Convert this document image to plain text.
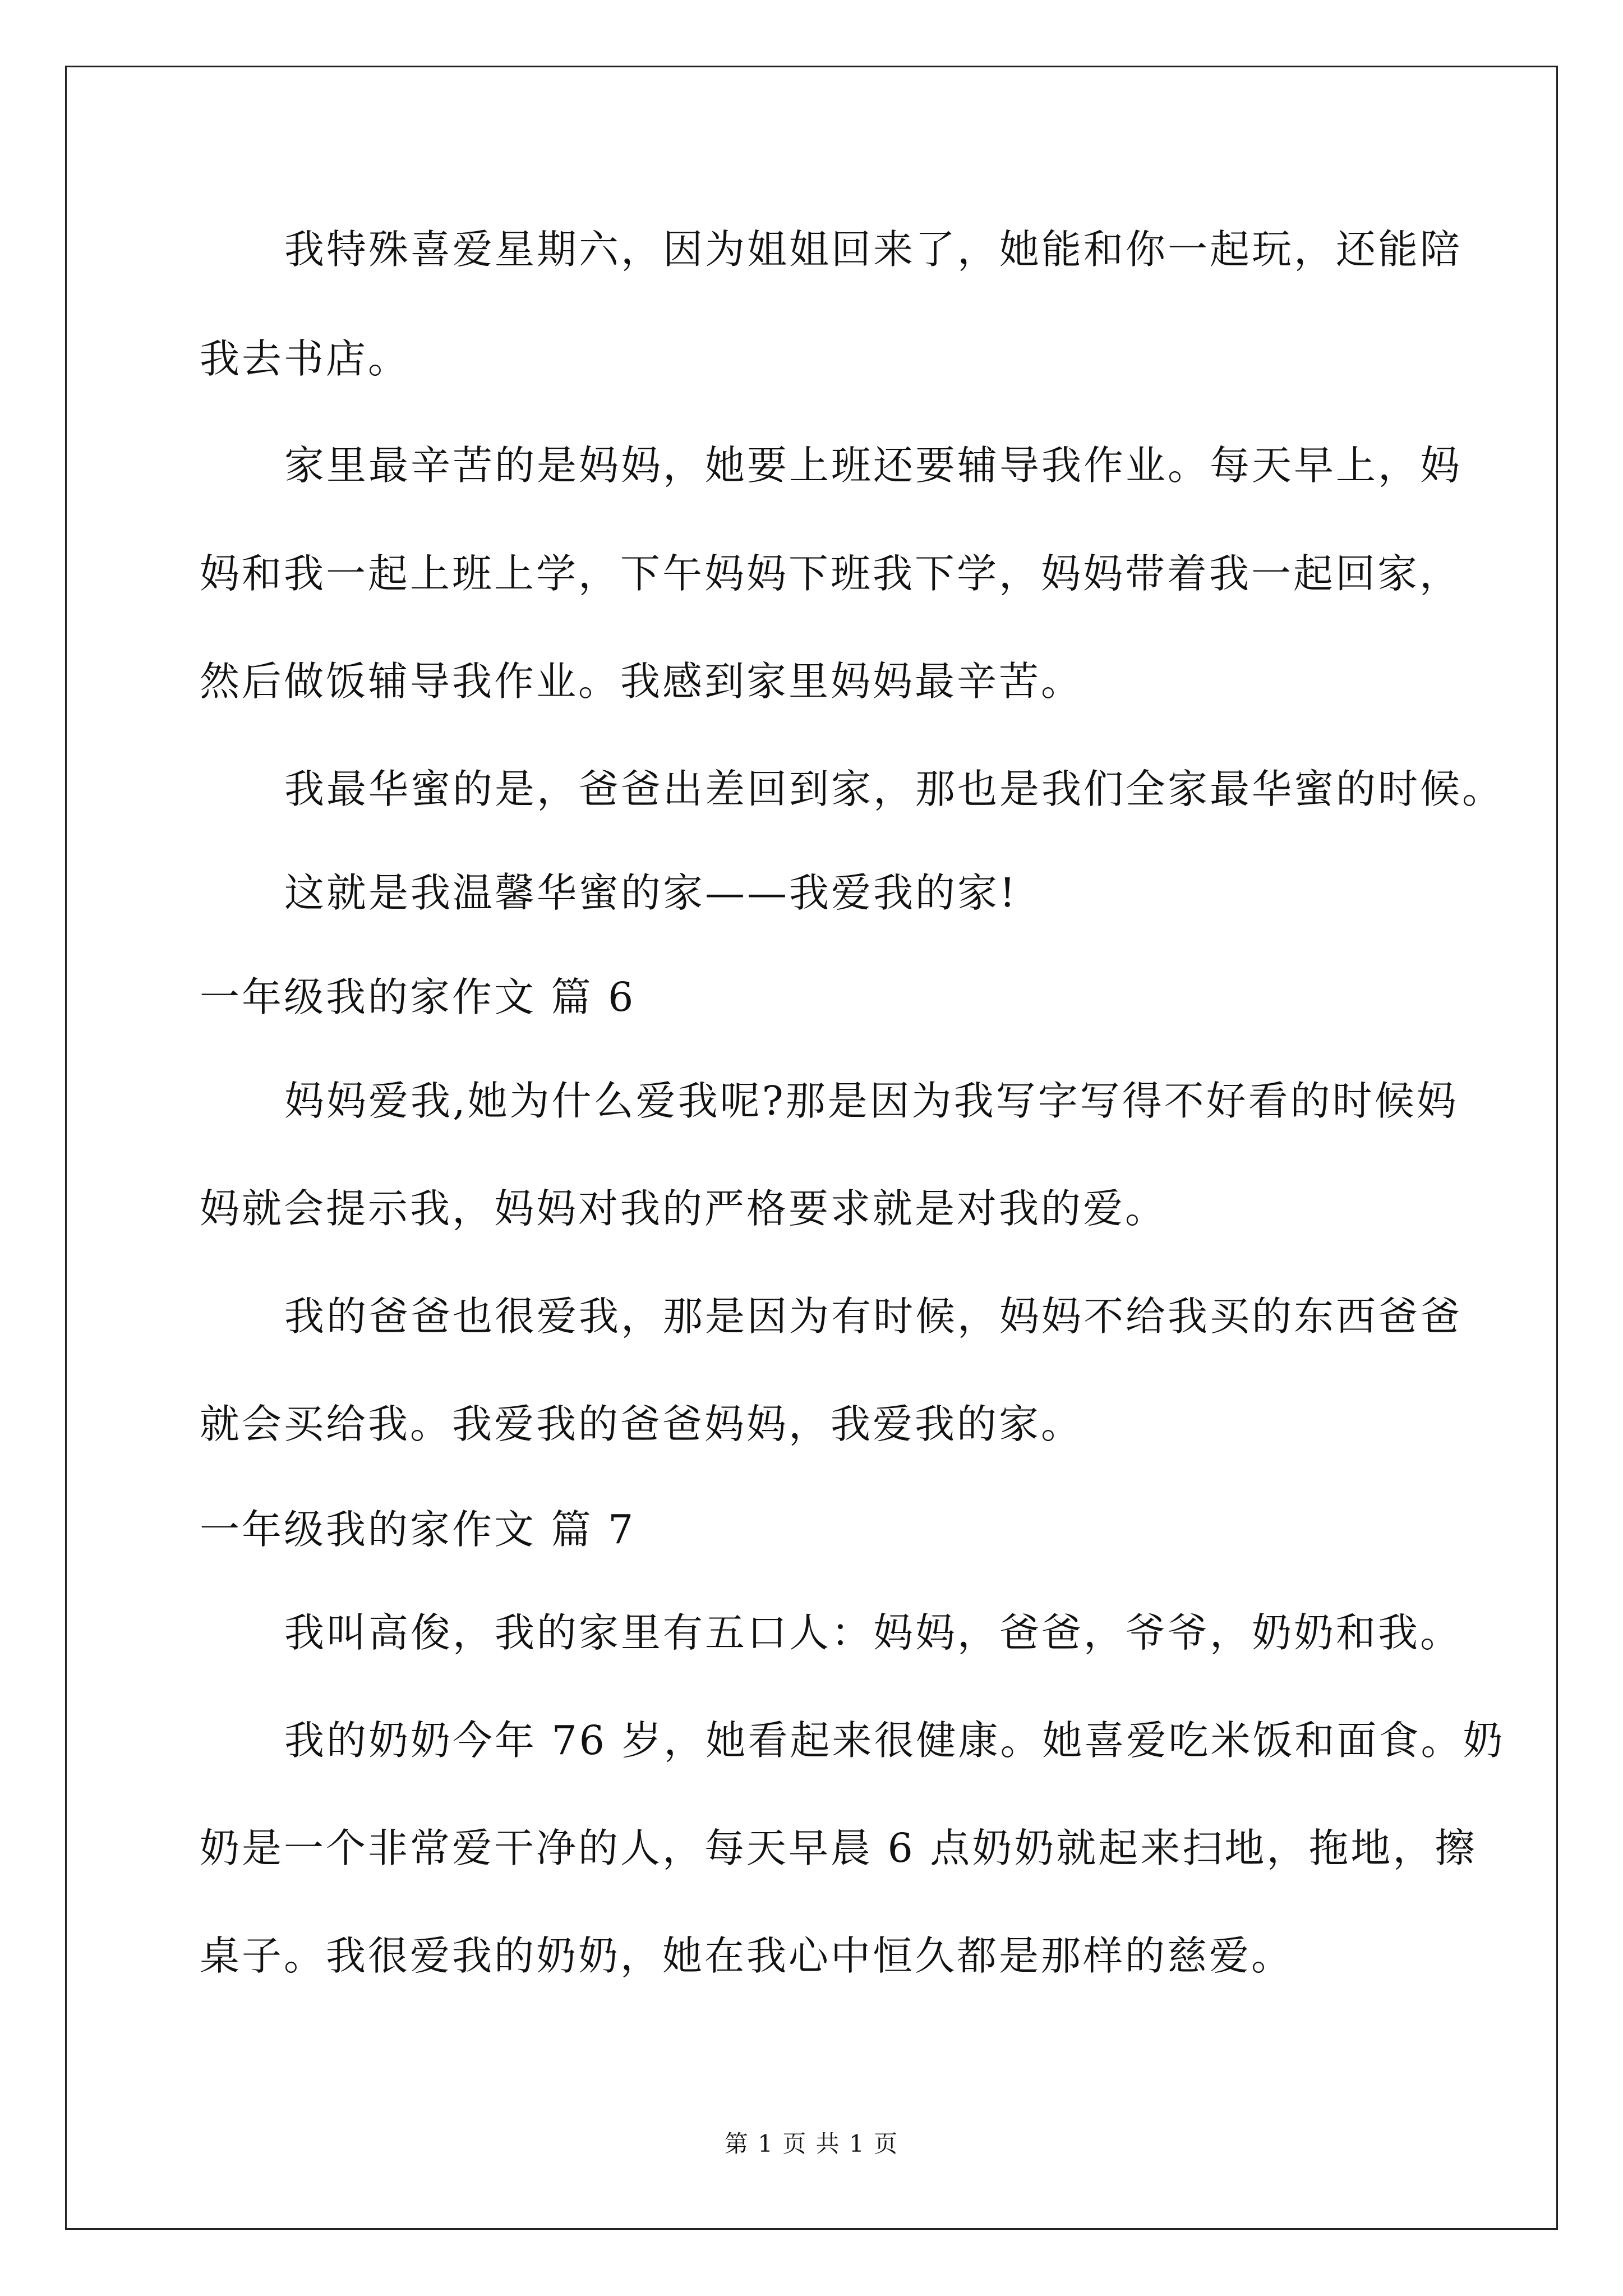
我特殊喜爱星期六，因为姐姐回来了，她能和你一起玩，还能陪
我去书店。
家里最辛苦的是妈妈，她要上班还要辅导我作业。每天早上，妈
妈和我一起上班上学，下午妈妈下班我下学，妈妈带着我一起回家，
然后做饭辅导我作业。我感到家里妈妈最辛苦。
我最华蜜的是，爸爸出差回到家，那也是我们全家最华蜜的时候。
这就是我温馨华蜜的家——我爱我的家!
一年级我的家作文 篇 6
妈妈爱我,她为什么爱我呢?那是因为我写字写得不好看的时候妈
妈就会提示我，妈妈对我的严格要求就是对我的爱。
我的爸爸也很爱我，那是因为有时候，妈妈不给我买的东西爸爸
就会买给我。我爱我的爸爸妈妈，我爱我的家。
一年级我的家作文 篇 7
我叫高俊，我的家里有五口人：妈妈，爸爸，爷爷，奶奶和我。
我的奶奶今年 76 岁，她看起来很健康。她喜爱吃米饭和面食。奶
奶是一个非常爱干净的人，每天早晨 6 点奶奶就起来扫地，拖地，擦
桌子。我很爱我的奶奶，她在我心中恒久都是那样的慈爱。
第 1 页 共 1 页
